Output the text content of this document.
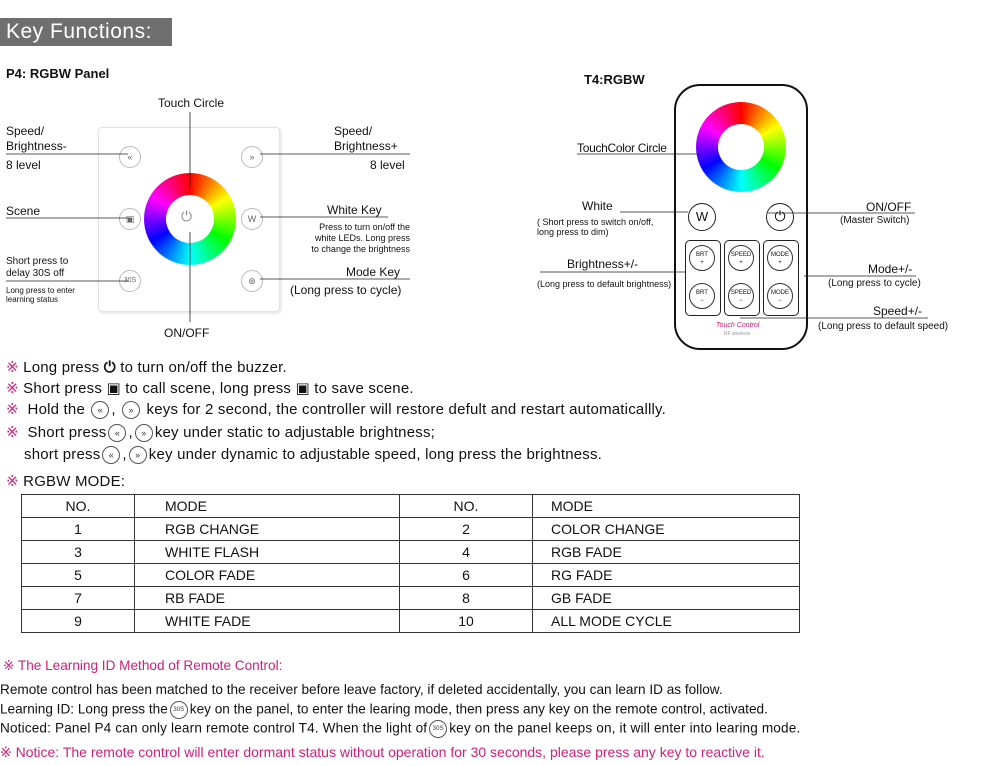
Key Functions:
P4: RGBW Panel
Touch Circle
Speed/
Brightness-
8 level
Speed/
Brightness+
8 level
Scene	White Key
Press to turn on/off the
white LEDs. Long press
to change the brightness
Short press to
delay 30S off
Long press to enter
learning status
Mode Key
(Long press to cycle)
ON/OFF
«	»
▣	W
30S	⊛
⏻
T4:RGBW
TouchColor Circle
White
( Short press to switch on/off,
long press to dim)
Brightness+/-
(Long press to default brightness)
ON/OFF
(Master Switch)
Mode+/-
(Long press to cycle)
Speed+/-
(Long press to default speed)
W	⏻
BRT
+
BRT
−
SPEED
+
SPEED
−
MODE
+
MODE
−
Touch Control
RF wireless
※ Long press ⏻ to turn on/off the buzzer.
※ Short press ▣ to call scene, long press ▣ to save scene.
※ Hold the « , » keys for 2 second, the controller will restore defult and restart automaticallly.
※ Short press « , » key under static to adjustable brightness;
short press « , » key under dynamic to adjustable speed, long press the brightness.
※ RGBW MODE:
NO.	MODE	NO.	MODE
1	RGB CHANGE	2	COLOR CHANGE
3	WHITE FLASH	4	RGB FADE
5	COLOR FADE	6	RG FADE
7	RB FADE	8	GB FADE
9	WHITE FADE	10	ALL MODE CYCLE
※ The Learning ID Method of Remote Control:
Remote control has been matched to the receiver before leave factory, if deleted accidentally, you can learn ID as follow.
Learning ID: Long press the 30S key on the panel, to enter the learing mode, then press any key on the remote control, activated.
Noticed: Panel P4 can only learn remote control T4. When the light of 30S key on the panel keeps on, it will enter into learing mode.
※ Notice: The remote control will enter dormant status without operation for 30 seconds, please press any key to reactive it.
